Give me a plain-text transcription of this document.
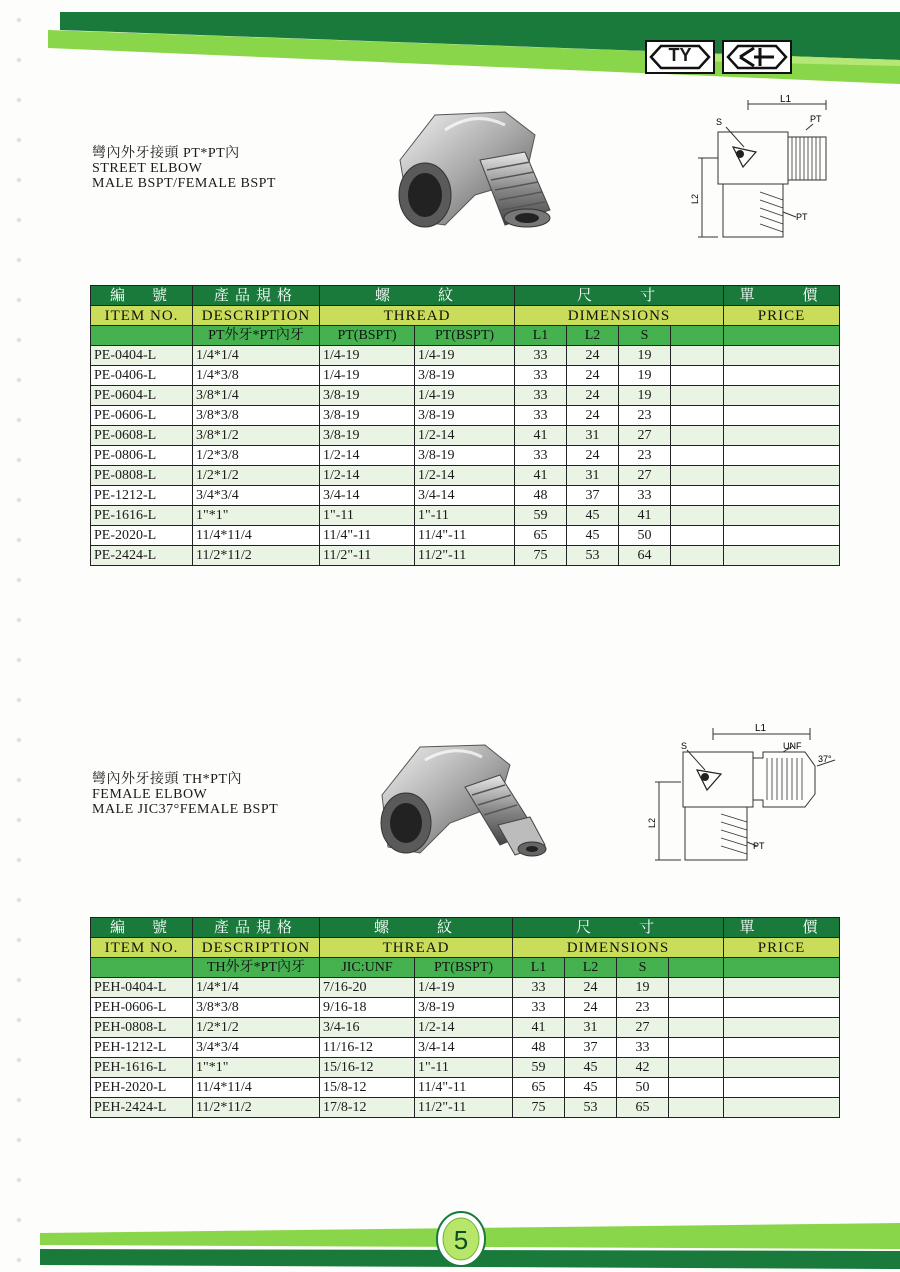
TY
彎內外牙接頭 PT*PT內
STREET ELBOW
MALE BSPT/FEMALE BSPT
L1
S	PT
PT
L2
編　號	產品規格	螺　　紋		尺　　寸				單　　價
ITEM NO.	DESCRIPTION	THREAD		DIMENSIONS				PRICE
	PT外牙*PT內牙	PT(BSPT)	PT(BSPT)	L1	L2	S		
PE-0404-L	1/4*1/4	1/4-19	1/4-19	33	24	19		
PE-0406-L	1/4*3/8	1/4-19	3/8-19	33	24	19		
PE-0604-L	3/8*1/4	3/8-19	1/4-19	33	24	19		
PE-0606-L	3/8*3/8	3/8-19	3/8-19	33	24	23		
PE-0608-L	3/8*1/2	3/8-19	1/2-14	41	31	27		
PE-0806-L	1/2*3/8	1/2-14	3/8-19	33	24	23		
PE-0808-L	1/2*1/2	1/2-14	1/2-14	41	31	27		
PE-1212-L	3/4*3/4	3/4-14	3/4-14	48	37	33		
PE-1616-L	1"*1"	1"-11	1"-11	59	45	41		
PE-2020-L	11/4*11/4	11/4"-11	11/4"-11	65	45	50		
PE-2424-L	11/2*11/2	11/2"-11	11/2"-11	75	53	64		
彎內外牙接頭 TH*PT內
FEMALE ELBOW
MALE JIC37°FEMALE BSPT
L1
S	UNF
37°
PT
L2
編　號	產品規格	螺　　紋		尺　　寸				單　　價
ITEM NO.	DESCRIPTION	THREAD		DIMENSIONS				PRICE
	TH外牙*PT內牙	JIC:UNF	PT(BSPT)	L1	L2	S		
PEH-0404-L	1/4*1/4	7/16-20	1/4-19	33	24	19		
PEH-0606-L	3/8*3/8	9/16-18	3/8-19	33	24	23		
PEH-0808-L	1/2*1/2	3/4-16	1/2-14	41	31	27		
PEH-1212-L	3/4*3/4	11/16-12	3/4-14	48	37	33		
PEH-1616-L	1"*1"	15/16-12	1"-11	59	45	42		
PEH-2020-L	11/4*11/4	15/8-12	11/4"-11	65	45	50		
PEH-2424-L	11/2*11/2	17/8-12	11/2"-11	75	53	65		
5
